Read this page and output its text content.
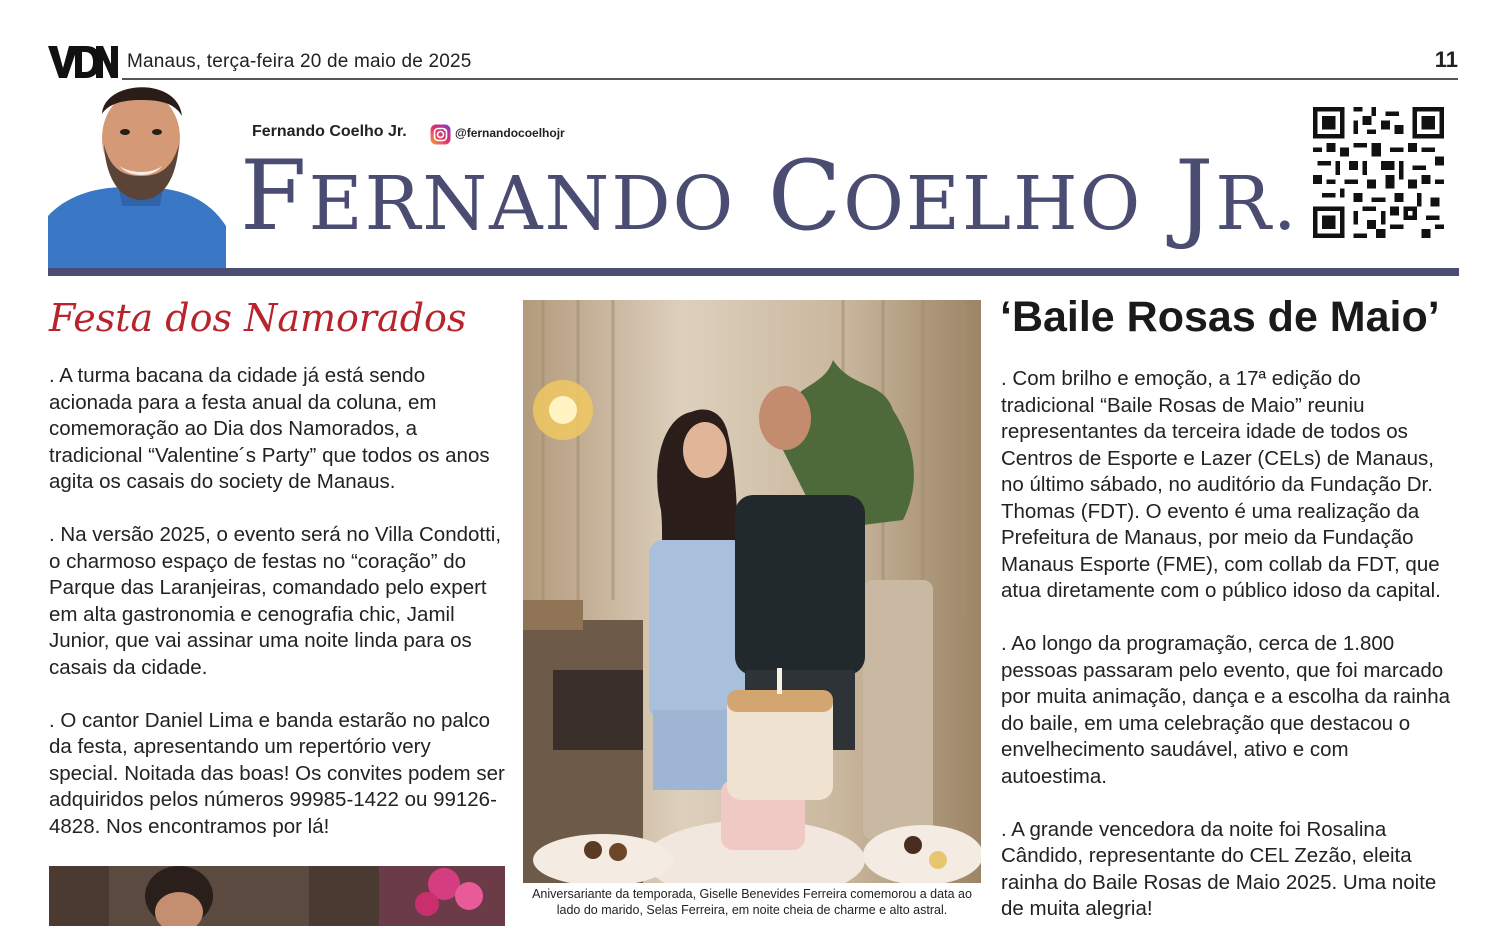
Manaus, terça-feira 20 de maio de 2025	11
Fernando Coelho Jr.	@fernandocoelhojr
FERNANDO COELHO JR.
Festa dos Namorados

. A turma bacana da cidade já está sendo acionada para a festa anual da coluna, em comemoração ao Dia dos Namorados, a tradicional “Valentine´s Party” que todos os anos agita os casais do society de Manaus.

. Na versão 2025, o evento será no Villa Condotti, o charmoso espaço de festas no “coração” do Parque das Laranjeiras, comandado pelo expert em alta gastronomia e cenografia chic, Jamil Junior, que vai assinar uma noite linda para os casais da cidade.

. O cantor Daniel Lima e banda estarão no palco da festa, apresentando um repertório very special. Noitada das boas! Os convites podem ser adquiridos pelos números 99985-1422 ou 99126-4828. Nos encontramos por lá!

Aniversariante da temporada, Giselle Benevides Ferreira comemorou a data ao lado do marido, Selas Ferreira, em noite cheia de charme e alto astral.
‘Baile Rosas de Maio’

. Com brilho e emoção, a 17ª edição do tradicional “Baile Rosas de Maio” reuniu representantes da terceira idade de todos os Centros de Esporte e Lazer (CELs) de Manaus, no último sábado, no auditório da Fundação Dr. Thomas (FDT). O evento é uma realização da Prefeitura de Manaus, por meio da Fundação Manaus Esporte (FME), com collab da FDT, que atua diretamente com o público idoso da capital.

. Ao longo da programação, cerca de 1.800 pessoas passaram pelo evento, que foi marcado por muita animação, dança e a escolha da rainha do baile, em uma celebração que destacou o envelhecimento saudável, ativo e com autoestima.

. A grande vencedora da noite foi Rosalina Cândido, representante do CEL Zezão, eleita rainha do Baile Rosas de Maio 2025. Uma noite de muita alegria!
